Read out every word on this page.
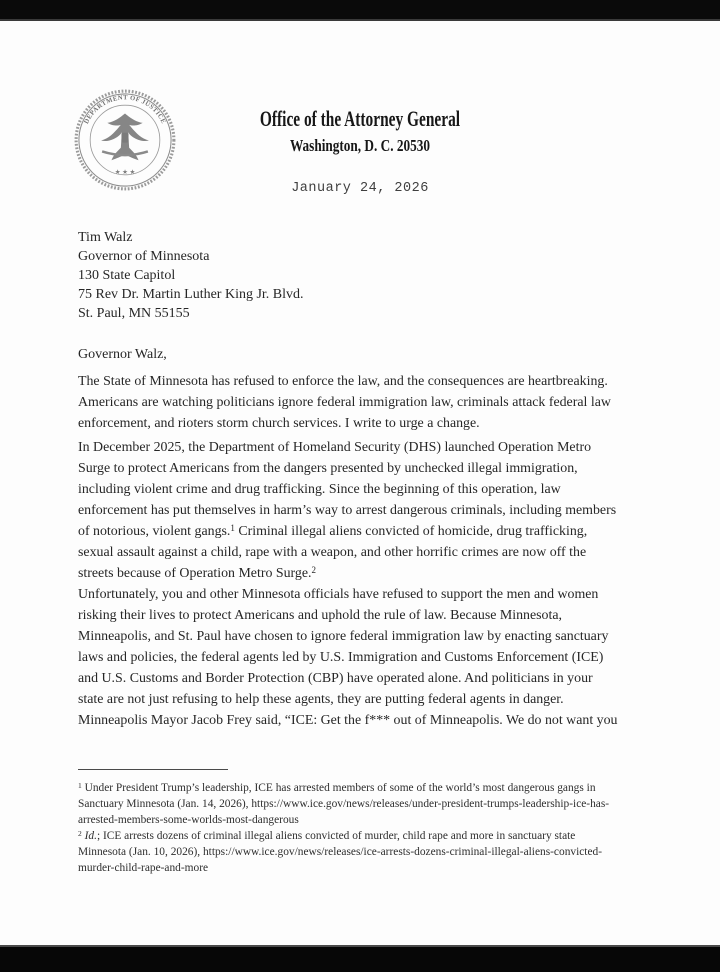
DEPARTMENT OF JUSTICE
★ ★ ★
Office of the Attorney General
Washington, D. C. 20530
January 24, 2026
Tim Walz
Governor of Minnesota
130 State Capitol
75 Rev Dr. Martin Luther King Jr. Blvd.
St. Paul, MN 55155
Governor Walz,
The State of Minnesota has refused to enforce the law, and the consequences are heartbreaking.
Americans are watching politicians ignore federal immigration law, criminals attack federal law
enforcement, and rioters storm church services. I write to urge a change.
In December 2025, the Department of Homeland Security (DHS) launched Operation Metro
Surge to protect Americans from the dangers presented by unchecked illegal immigration,
including violent crime and drug trafficking. Since the beginning of this operation, law
enforcement has put themselves in harm’s way to arrest dangerous criminals, including members
of notorious, violent gangs.$^1$ Criminal illegal aliens convicted of homicide, drug trafficking,
sexual assault against a child, rape with a weapon, and other horrific crimes are now off the
streets because of Operation Metro Surge.$^2$
Unfortunately, you and other Minnesota officials have refused to support the men and women
risking their lives to protect Americans and uphold the rule of law. Because Minnesota,
Minneapolis, and St. Paul have chosen to ignore federal immigration law by enacting sanctuary
laws and policies, the federal agents led by U.S. Immigration and Customs Enforcement (ICE)
and U.S. Customs and Border Protection (CBP) have operated alone. And politicians in your
state are not just refusing to help these agents, they are putting federal agents in danger.
Minneapolis Mayor Jacob Frey said, “ICE: Get the f*** out of Minneapolis. We do not want you
$^1$ Under President Trump’s leadership, ICE has arrested members of some of the world’s most dangerous gangs in
Sanctuary Minnesota (Jan. 14, 2026), https://www.ice.gov/news/releases/under-president-trumps-leadership-ice-has-
arrested-members-some-worlds-most-dangerous
$^2$ Id.; ICE arrests dozens of criminal illegal aliens convicted of murder, child rape and more in sanctuary state
Minnesota (Jan. 10, 2026), https://www.ice.gov/news/releases/ice-arrests-dozens-criminal-illegal-aliens-convicted-
murder-child-rape-and-more
